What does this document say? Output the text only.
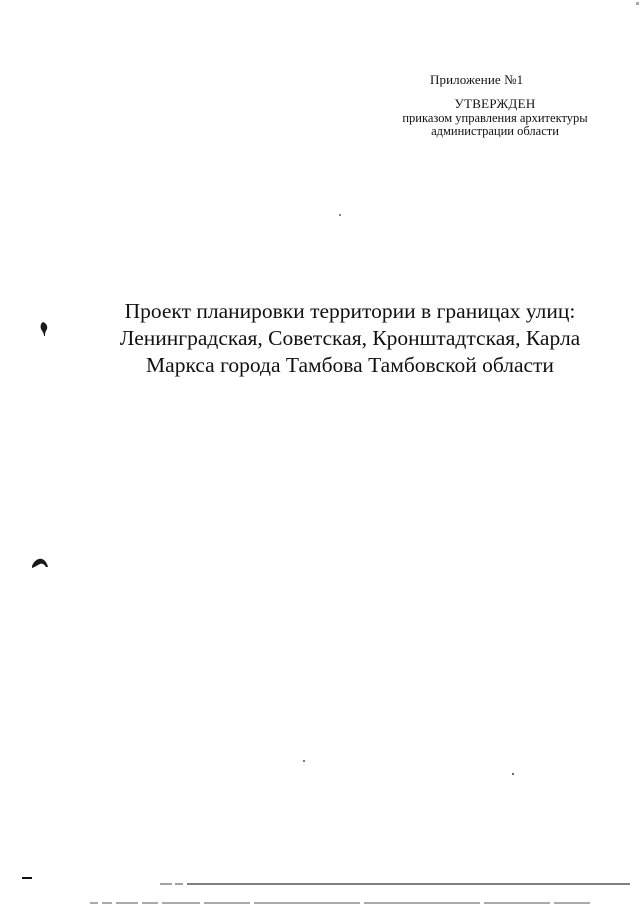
Приложение №1
УТВЕРЖДЕН
приказом управления архитектуры
администрации области
Проект планировки территории в границах улиц:
Ленинградская, Советская, Кронштадтская, Карла
Маркса города Тамбова Тамбовской области
